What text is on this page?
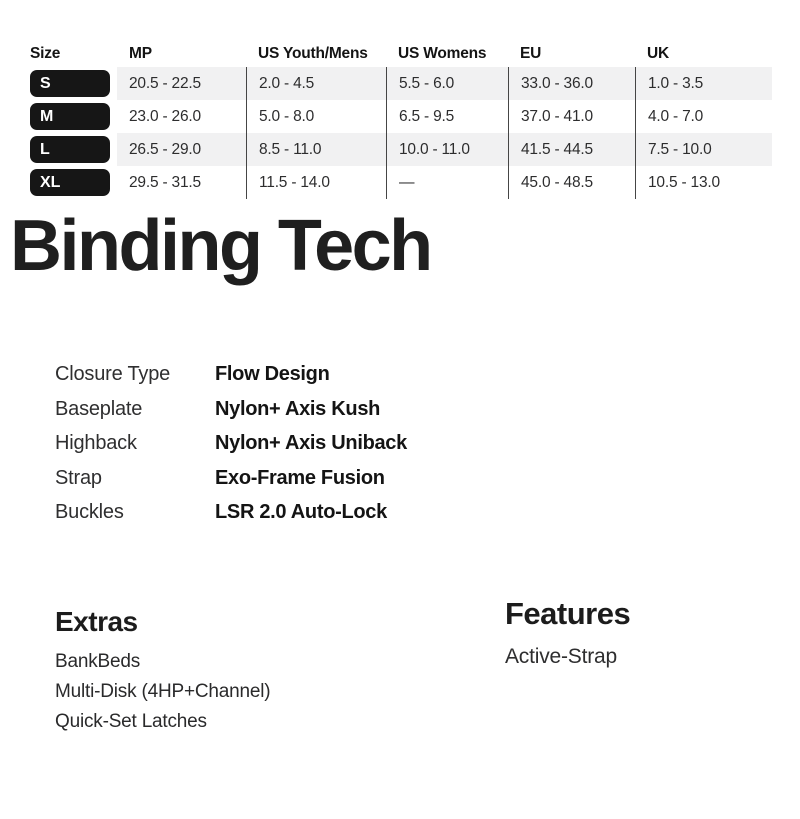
Size	MP	US Youth/Mens	US Womens	EU	UK
S	20.5 - 22.5	2.0 - 4.5	5.5 - 6.0	33.0 - 36.0	1.0 - 3.5
M	23.0 - 26.0	5.0 - 8.0	6.5 - 9.5	37.0 - 41.0	4.0 - 7.0
L	26.5 - 29.0	8.5 - 11.0	10.0 - 11.0	41.5 - 44.5	7.5 - 10.0
XL	29.5 - 31.5	11.5 - 14.0	—	45.0 - 48.5	10.5 - 13.0
Binding Tech
Closure Type	Flow Design
Baseplate	Nylon+ Axis Kush
Highback	Nylon+ Axis Uniback
Strap	Exo-Frame Fusion
Buckles	LSR 2.0 Auto-Lock
Extras
BankBeds
Multi-Disk (4HP+Channel)
Quick-Set Latches
Features
Active-Strap
